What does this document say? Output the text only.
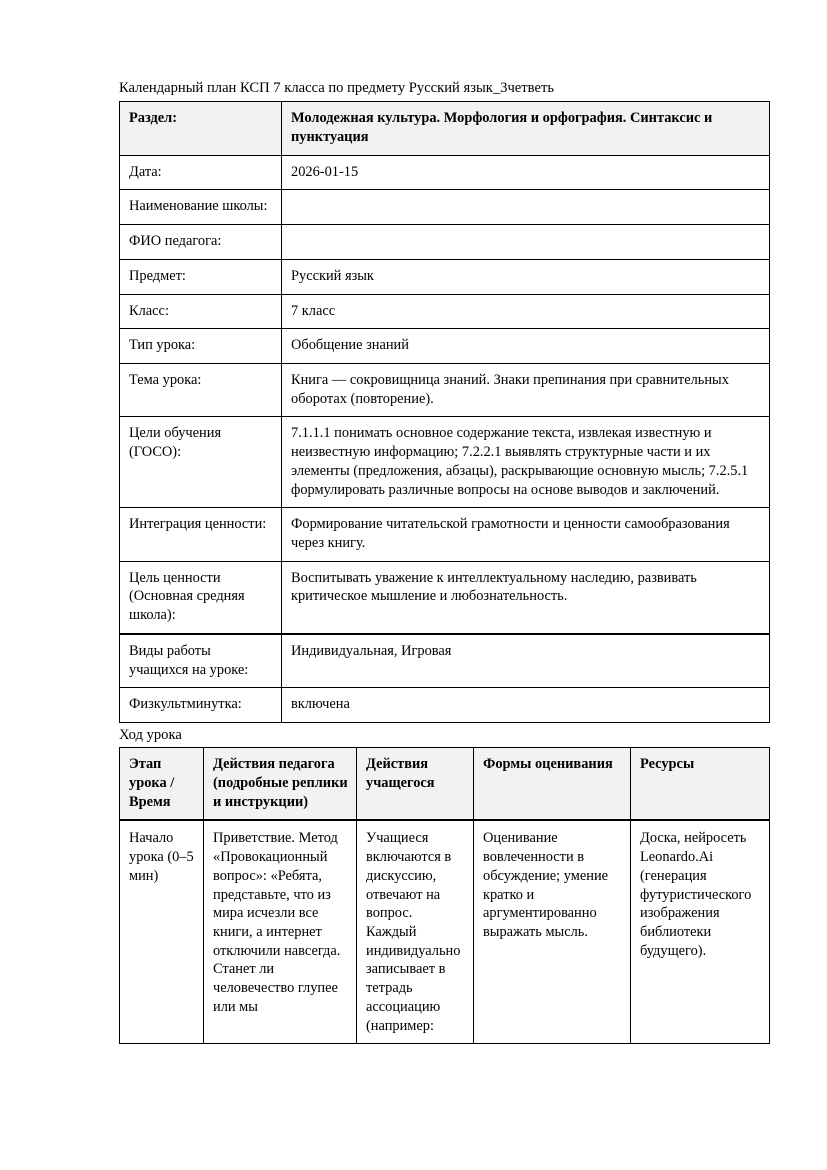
Календарный план КСП 7 класса по предмету Русский язык_3четветь
Раздел:	Молодежная культура. Морфология и орфография. Синтаксис и пунктуация
Дата:	2026-01-15
Наименование школы:	
ФИО педагога:	
Предмет:	Русский язык
Класс:	7 класс
Тип урока:	Обобщение знаний
Тема урока:	Книга — сокровищница знаний. Знаки препинания при сравнительных оборотах (повторение).
Цели обучения (ГОСО):	7.1.1.1 понимать основное содержание текста, извлекая известную и неизвестную информацию; 7.2.2.1 выявлять структурные части и их элементы (предложения, абзацы), раскрывающие основную мысль; 7.2.5.1 формулировать различные вопросы на основе выводов и заключений.
Интеграция ценности:	Формирование читательской грамотности и ценности самообразования через книгу.
Цель ценности (Основная средняя школа):	Воспитывать уважение к интеллектуальному наследию, развивать критическое мышление и любознательность.
Виды работы учащихся на уроке:	Индивидуальная, Игровая
Физкультминутка:	включена
Ход урока
Этап урока / Время	Действия педагога (подробные реплики и инструкции)	Действия учащегося	Формы оценивания	Ресурсы
Начало урока (0–5 мин)	Приветствие. Метод «Провокационный вопрос»: «Ребята, представьте, что из мира исчезли все книги, а интернет отключили навсегда. Станет ли человечество глупее или мы	Учащиеся включаются в дискуссию, отвечают на вопрос. Каждый индивидуально записывает в тетрадь ассоциацию (например:	Оценивание вовлеченности в обсуждение; умение кратко и аргументированно выражать мысль.	Доска, нейросеть Leonardo.Ai (генерация футуристического изображения библиотеки будущего).
